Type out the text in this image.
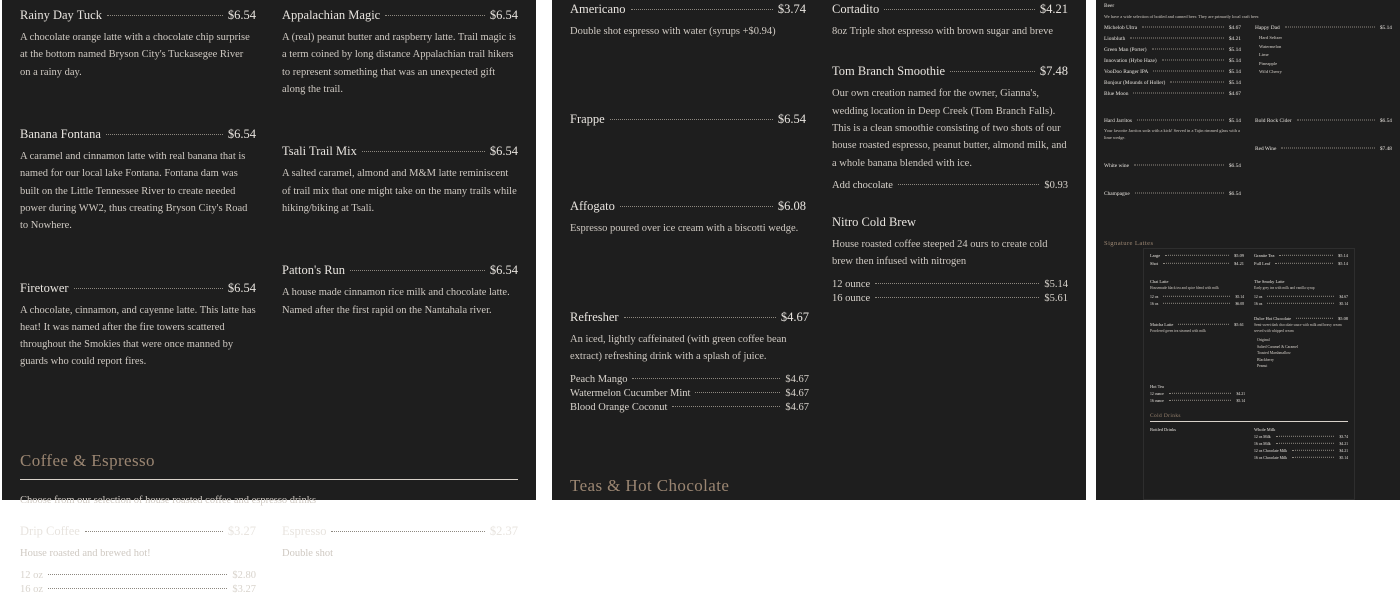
Rainy Day Tuck	$6.54
A chocolate orange latte with a chocolate chip surprise at the bottom named Bryson City's Tuckasegee River on a rainy day.
Banana Fontana	$6.54
A caramel and cinnamon latte with real banana that is named for our local lake Fontana. Fontana dam was built on the Little Tennessee River to create needed power during WW2, thus creating Bryson City's Road to Nowhere.
Firetower	$6.54
A chocolate, cinnamon, and cayenne latte. This latte has heat! It was named after the fire towers scattered throughout the Smokies that were once manned by guards who could report fires.
Appalachian Magic	$6.54
A (real) peanut butter and raspberry latte. Trail magic is a term coined by long distance Appalachian trail hikers to represent something that was an unexpected gift along the trail.
Tsali Trail Mix	$6.54
A salted caramel, almond and M&M latte reminiscent of trail mix that one might take on the many trails while hiking/biking at Tsali.
Patton's Run	$6.54
A house made cinnamon rice milk and chocolate latte. Named after the first rapid on the Nantahala river.
Coffee & Espresso
Choose from our selection of house roasted coffee and espresso drinks
Drip Coffee	$3.27
House roasted and brewed hot!
12 oz	$2.80
16 oz	$3.27
Espresso	$2.37
Double shot
Americano	$3.74
Double shot espresso with water (syrups +$0.94)
Frappe	$6.54
Affogato	$6.08
Espresso poured over ice cream with a biscotti wedge.
Cortadito	$4.21
8oz Triple shot espresso with brown sugar and breve
Tom Branch Smoothie	$7.48
Our own creation named for the owner, Gianna's, wedding location in Deep Creek (Tom Branch Falls). This is a clean smoothie consisting of two shots of our house roasted espresso, peanut butter, almond milk, and a whole banana blended with ice.
Add chocolate	$0.93
Nitro Cold Brew
House roasted coffee steeped 24 ours to create cold brew then infused with nitrogen
12 ounce	$5.14
16 ounce	$5.61
Refresher	$4.67
An iced, lightly caffeinated (with green coffee bean extract) refreshing drink with a splash of juice.
Peach Mango	$4.67
Watermelon Cucumber Mint	$4.67
Blood Orange Coconut	$4.67
Teas & Hot Chocolate
Beer
We have a wide selection of bottled and canned beer. They are primarily local craft beer.
Michelob Ultra	$4.67
Lionbluth	$4.21
Green Man (Porter)	$5.14
Innovation (Hybo Haze)	$5.14
VooDoo Ranger IPA	$5.14
Bonjour (Mounds of Holler)	$5.14
Blue Moon	$4.67
Happy Dad	$5.14
Hard Seltzer
Watermelon
Lime
Pineapple
Wild Cherry
Hard Jarritos	$5.14
Your favorite Jarritos soda with a kick! Served in a Tajin rimmed glass with a lime wedge.
White wine	$6.54
Champagne	$6.54
Bold Rock Cider	$6.54
Red Wine	$7.48
Signature Lattes
Large	$5.09
Shot	$4.21
Granite Tea	$5.14
Full Leaf	$5.14
Chai Latte
Housemade black tea and spice blend with milk
12 oz	$5.14
16 oz	$6.08
Matcha Latte	$5.61
Powdered green tea steamed with milk
The Smoky Latte
Early grey tea with milk and vanilla syrup
12 oz	$4.67
16 oz	$5.14
Dulce Hot Chocolate	$5.08
Semi-sweet dark chocolate sauce with milk and heavy cream served with whipped cream
Original
Salted Caramel & Caramel
Toasted Marshmallow
Blackberry
Peanut
Hot Tea
12 ounce	$4.21
16 ounce	$5.14
Cold Drinks
Bottled Drinks	Whole Milk
12 oz Milk	$3.74
16 oz Milk	$4.21
12 oz Chocolate Milk	$4.21
16 oz Chocolate Milk	$5.14
